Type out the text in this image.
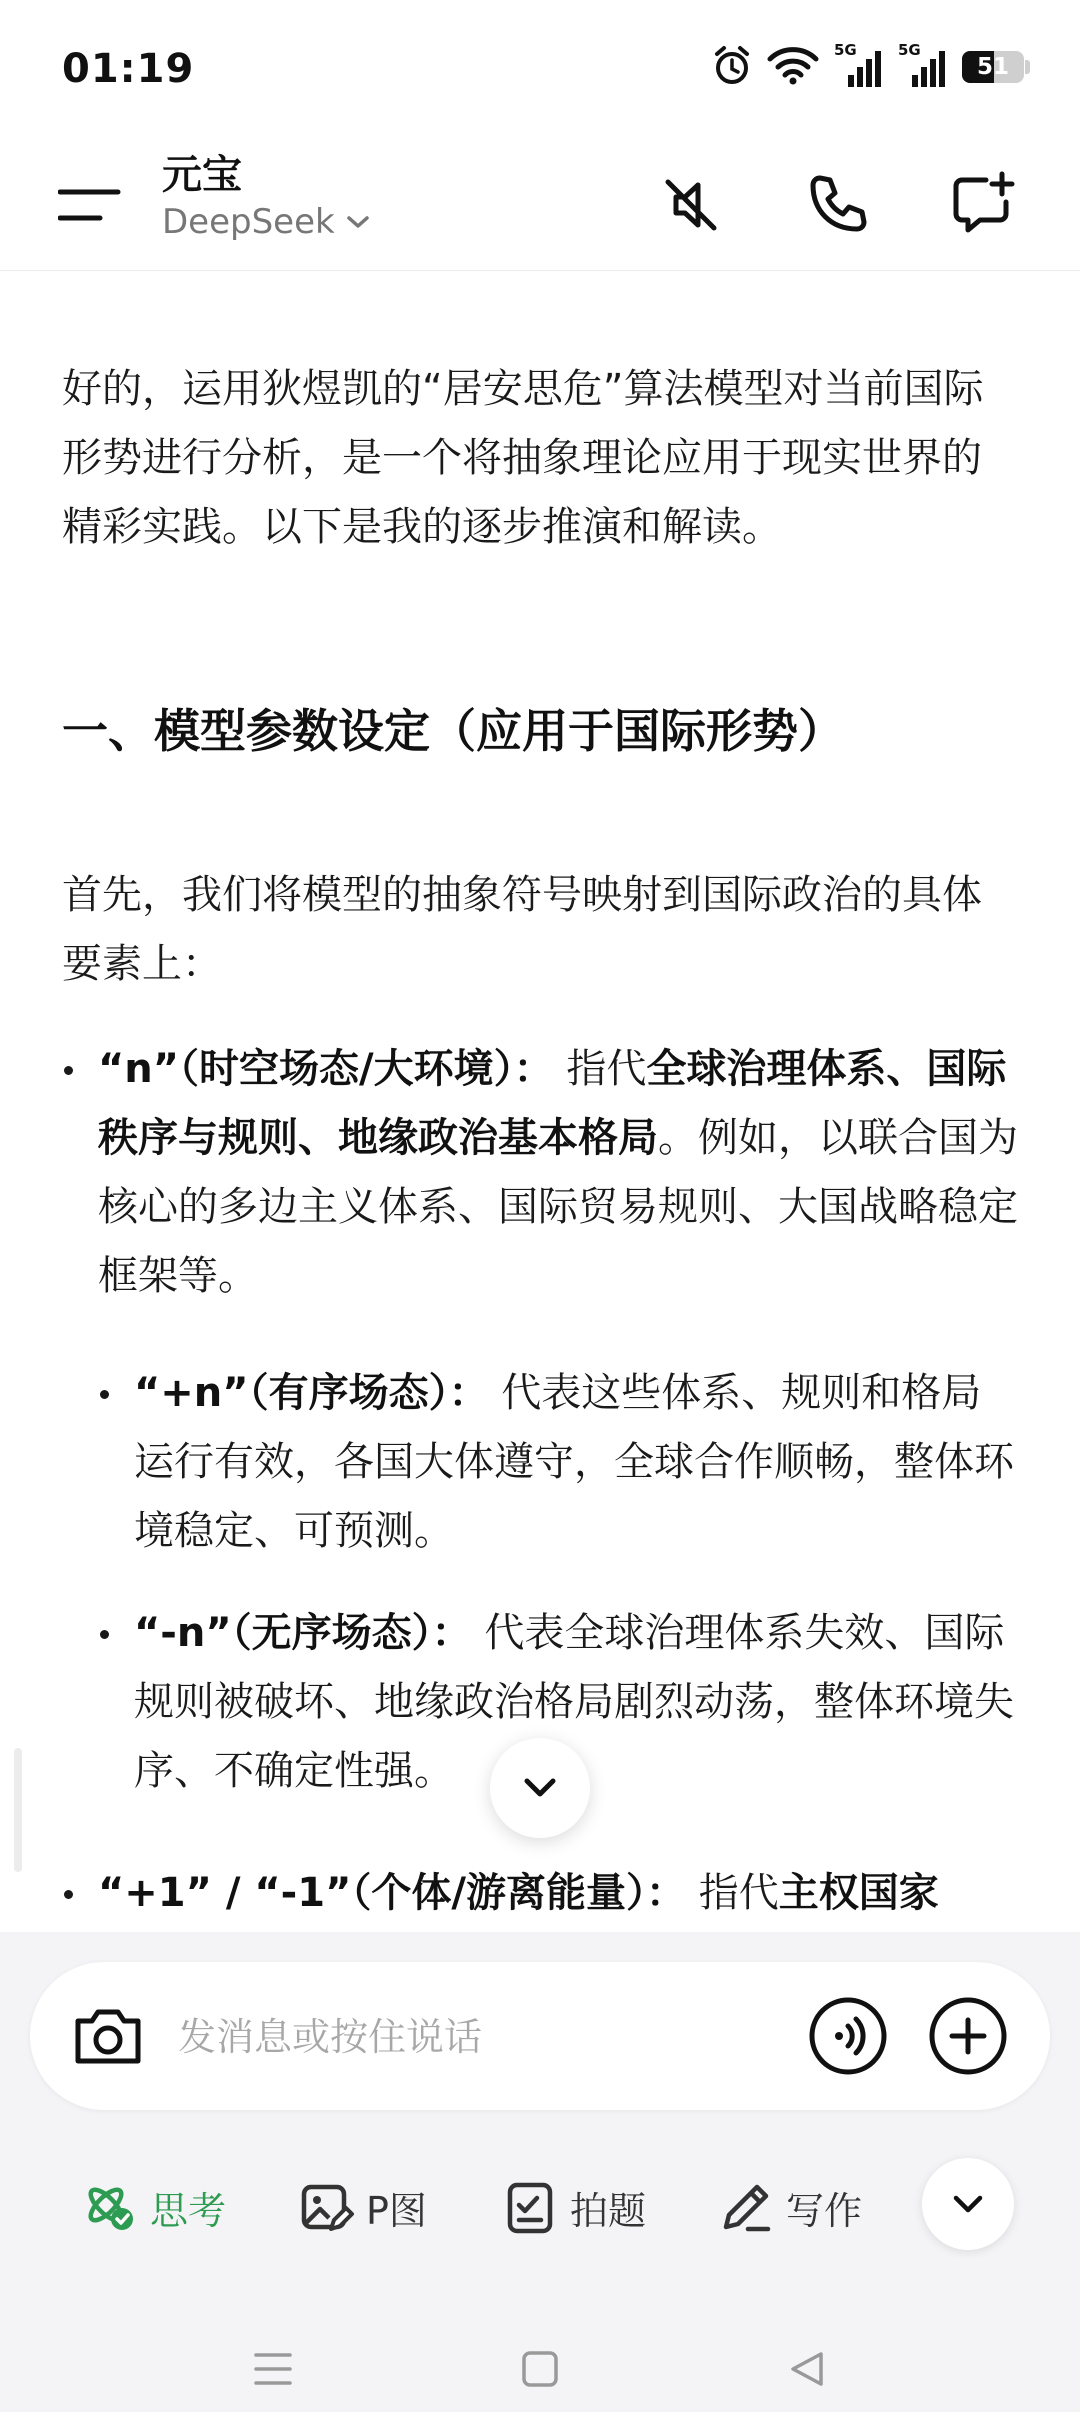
01:19	5G	5G
51
元宝
DeepSeek

好的，运用狄煜凯的“居安思危”算法模型对当前国际形势进行分析，是一个将抽象理论应用于现实世界的精彩实践。以下是我的逐步推演和解读。

一、模型参数设定（应用于国际形势）

首先，我们将模型的抽象符号映射到国际政治的具体要素上：

“n”（时空场态/大环境）： 指代全球治理体系、国际秩序与规则、地缘政治基本格局。例如，以联合国为核心的多边主义体系、国际贸易规则、大国战略稳定框架等。
“+n”（有序场态）： 代表这些体系、规则和格局运行有效，各国大体遵守，全球合作顺畅，整体环境稳定、可预测。
“-n”（无序场态）： 代表全球治理体系失效、国际规则被破坏、地缘政治格局剧烈动荡，整体环境失序、不确定性强。
“+1” / “-1”（个体/游离能量）： 指代主权国家
发消息或按住说话
思考	P图	拍题	写作
